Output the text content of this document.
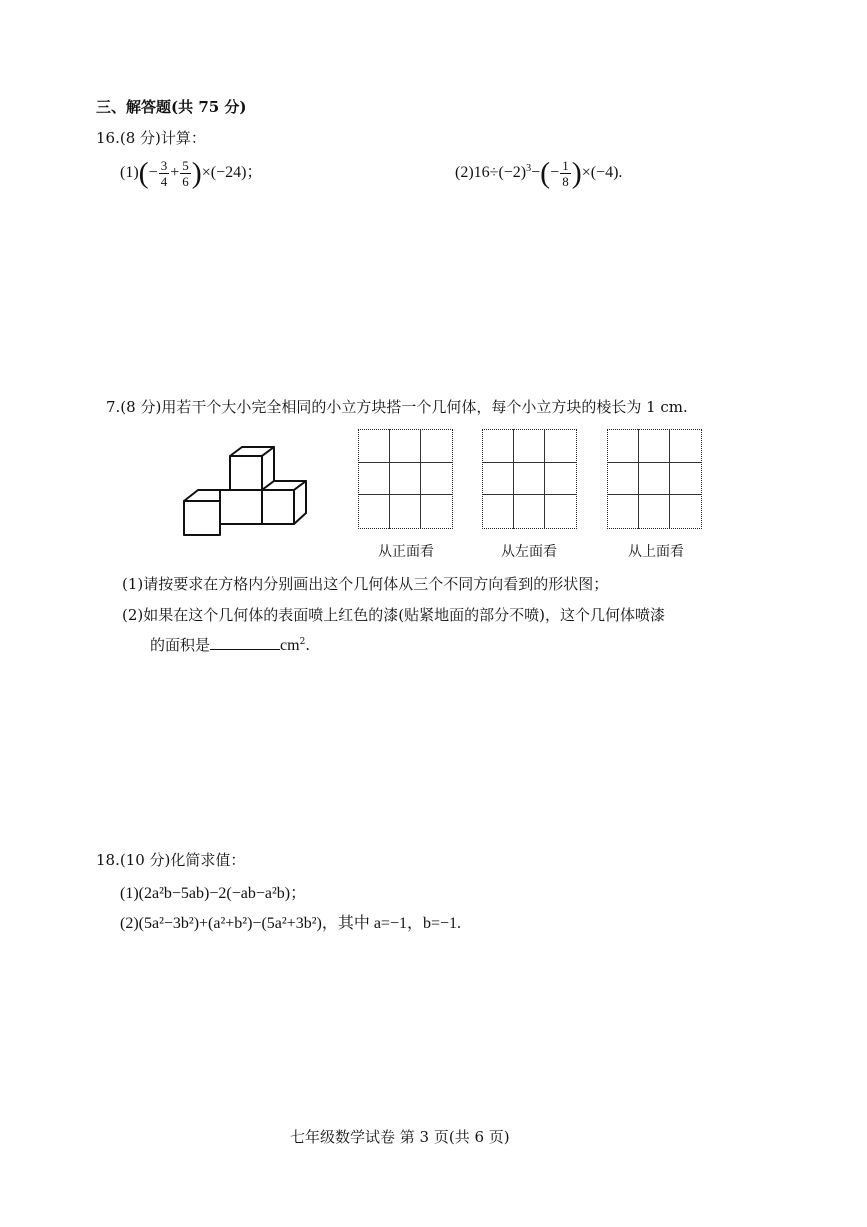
三、解答题(共 75 分)
16.(8 分)计算：
$(1)(- \frac{3}{4} + \frac{5}{6} )\times(-24)$；	$(2)16\div(-2)^3-(- \frac{1}{8} )\times(-4)$.
7.(8 分)用若干个大小完全相同的小立方块搭一个几何体，每个小立方块的棱长为 1 cm.
从正面看	从左面看	从上面看
(1)请按要求在方格内分别画出这个几何体从三个不同方向看到的形状图；
(2)如果在这个几何体的表面喷上红色的漆(贴紧地面的部分不喷)，这个几何体喷漆
的面积是	$cm^2$.
18.(10 分)化简求值：
(1)(2a²b−5ab)−2(−ab−a²b)；
(2)(5a²−3b²)+(a²+b²)−(5a²+3b²)，其中 a=−1，b=−1.
七年级数学试卷 第 3 页(共 6 页)
